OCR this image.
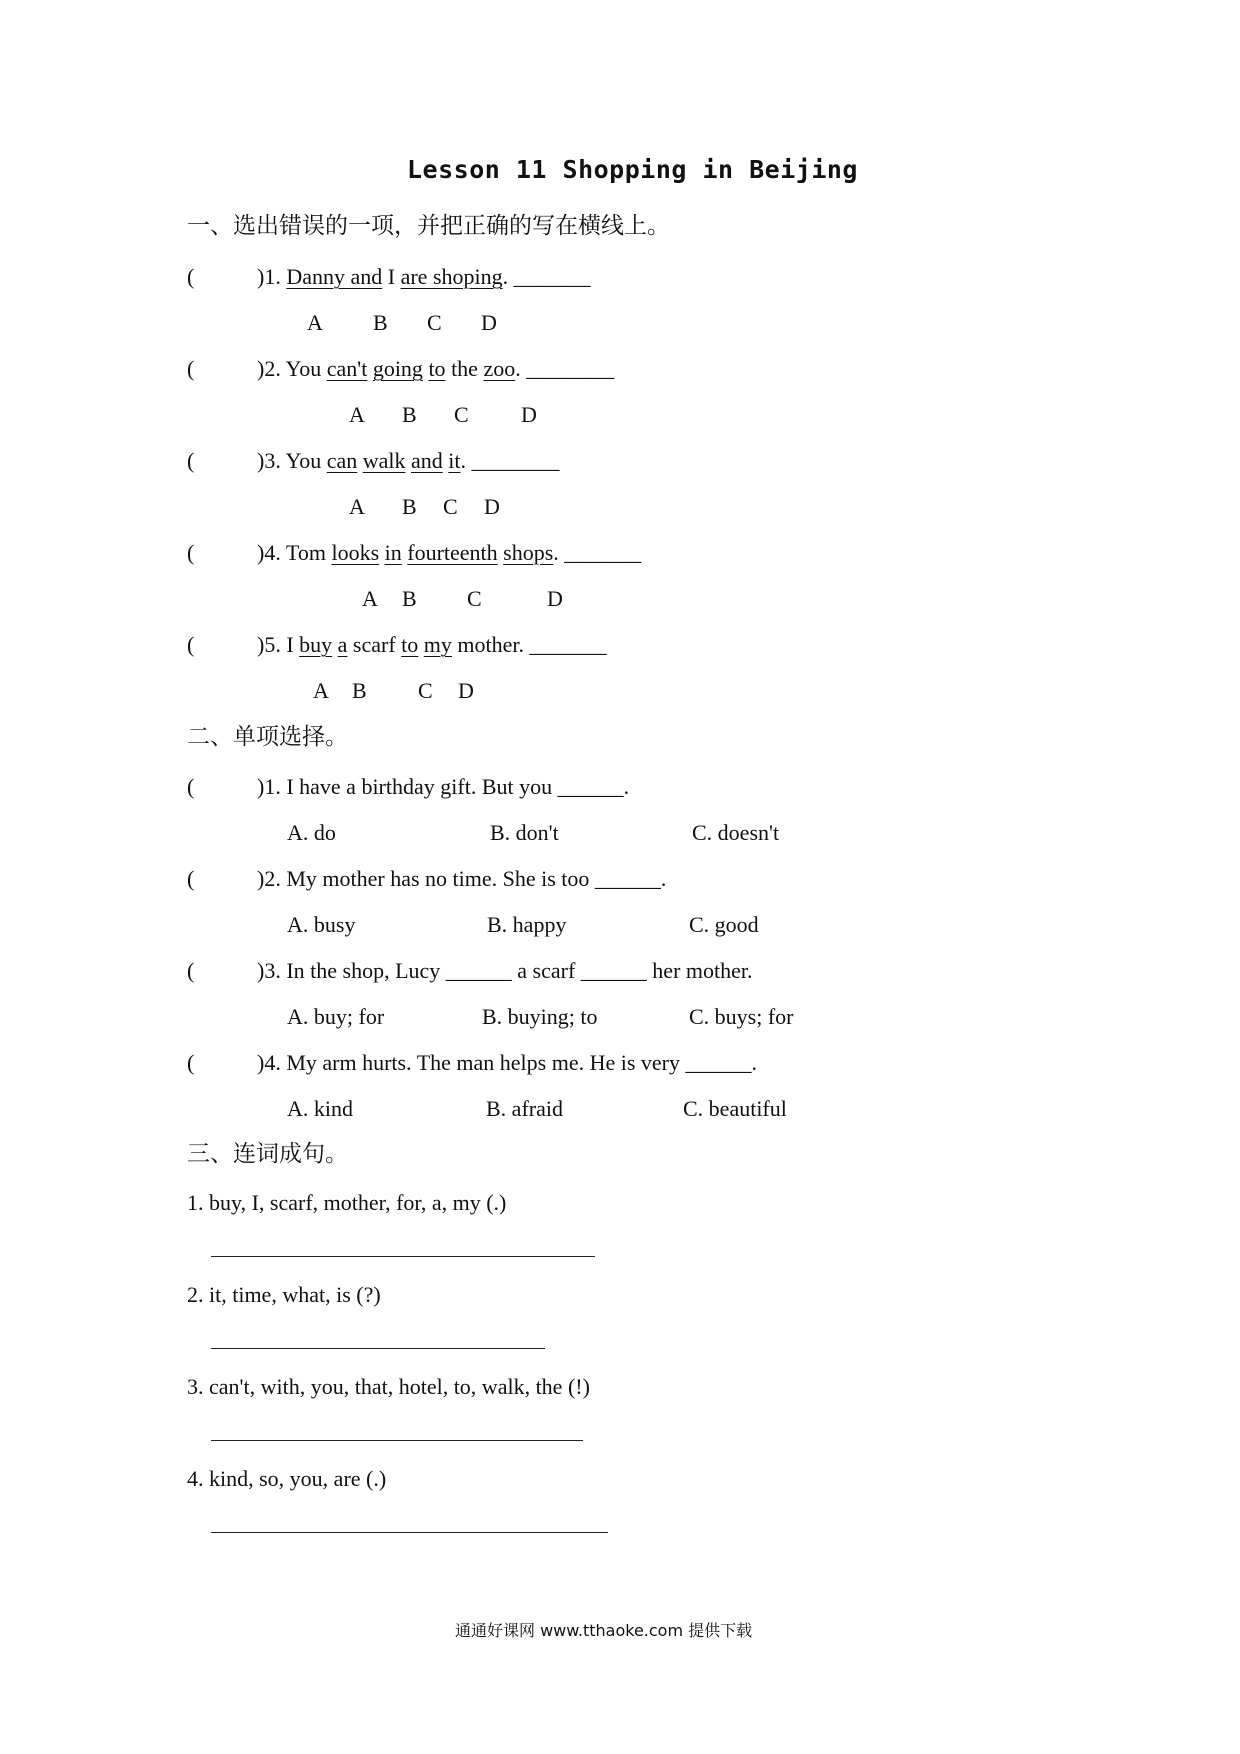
Lesson 11 Shopping in Beijing
一、选出错误的一项，并把正确的写在横线上。
(	)1. Danny and I are shoping. _______
A B C D
(	)2. You can't going to the zoo. ________
A B C D
(	)3. You can walk and it. ________
A B C D
(	)4. Tom looks in fourteenth shops. _______
A B C	D
(	)5. I buy a scarf to my mother. _______
A B C D
二、单项选择。
(	)1. I have a birthday gift. But you ______.
A. do	B. don't	C. doesn't
(	)2. My mother has no time. She is too ______.
A. busy	B. happy	C. good
(	)3. In the shop, Lucy ______ a scarf ______ her mother.
A. buy; for	B. buying; to	C. buys; for
(	)4. My arm hurts. The man helps me. He is very ______.
A. kind	B. afraid	C. beautiful
三、连词成句。
1. buy, I, scarf, mother, for, a, my (.)
2. it, time, what, is (?)
3. can't, with, you, that, hotel, to, walk, the (!)
4. kind, so, you, are (.)
通通好课网 www.tthaoke.com 提供下载
